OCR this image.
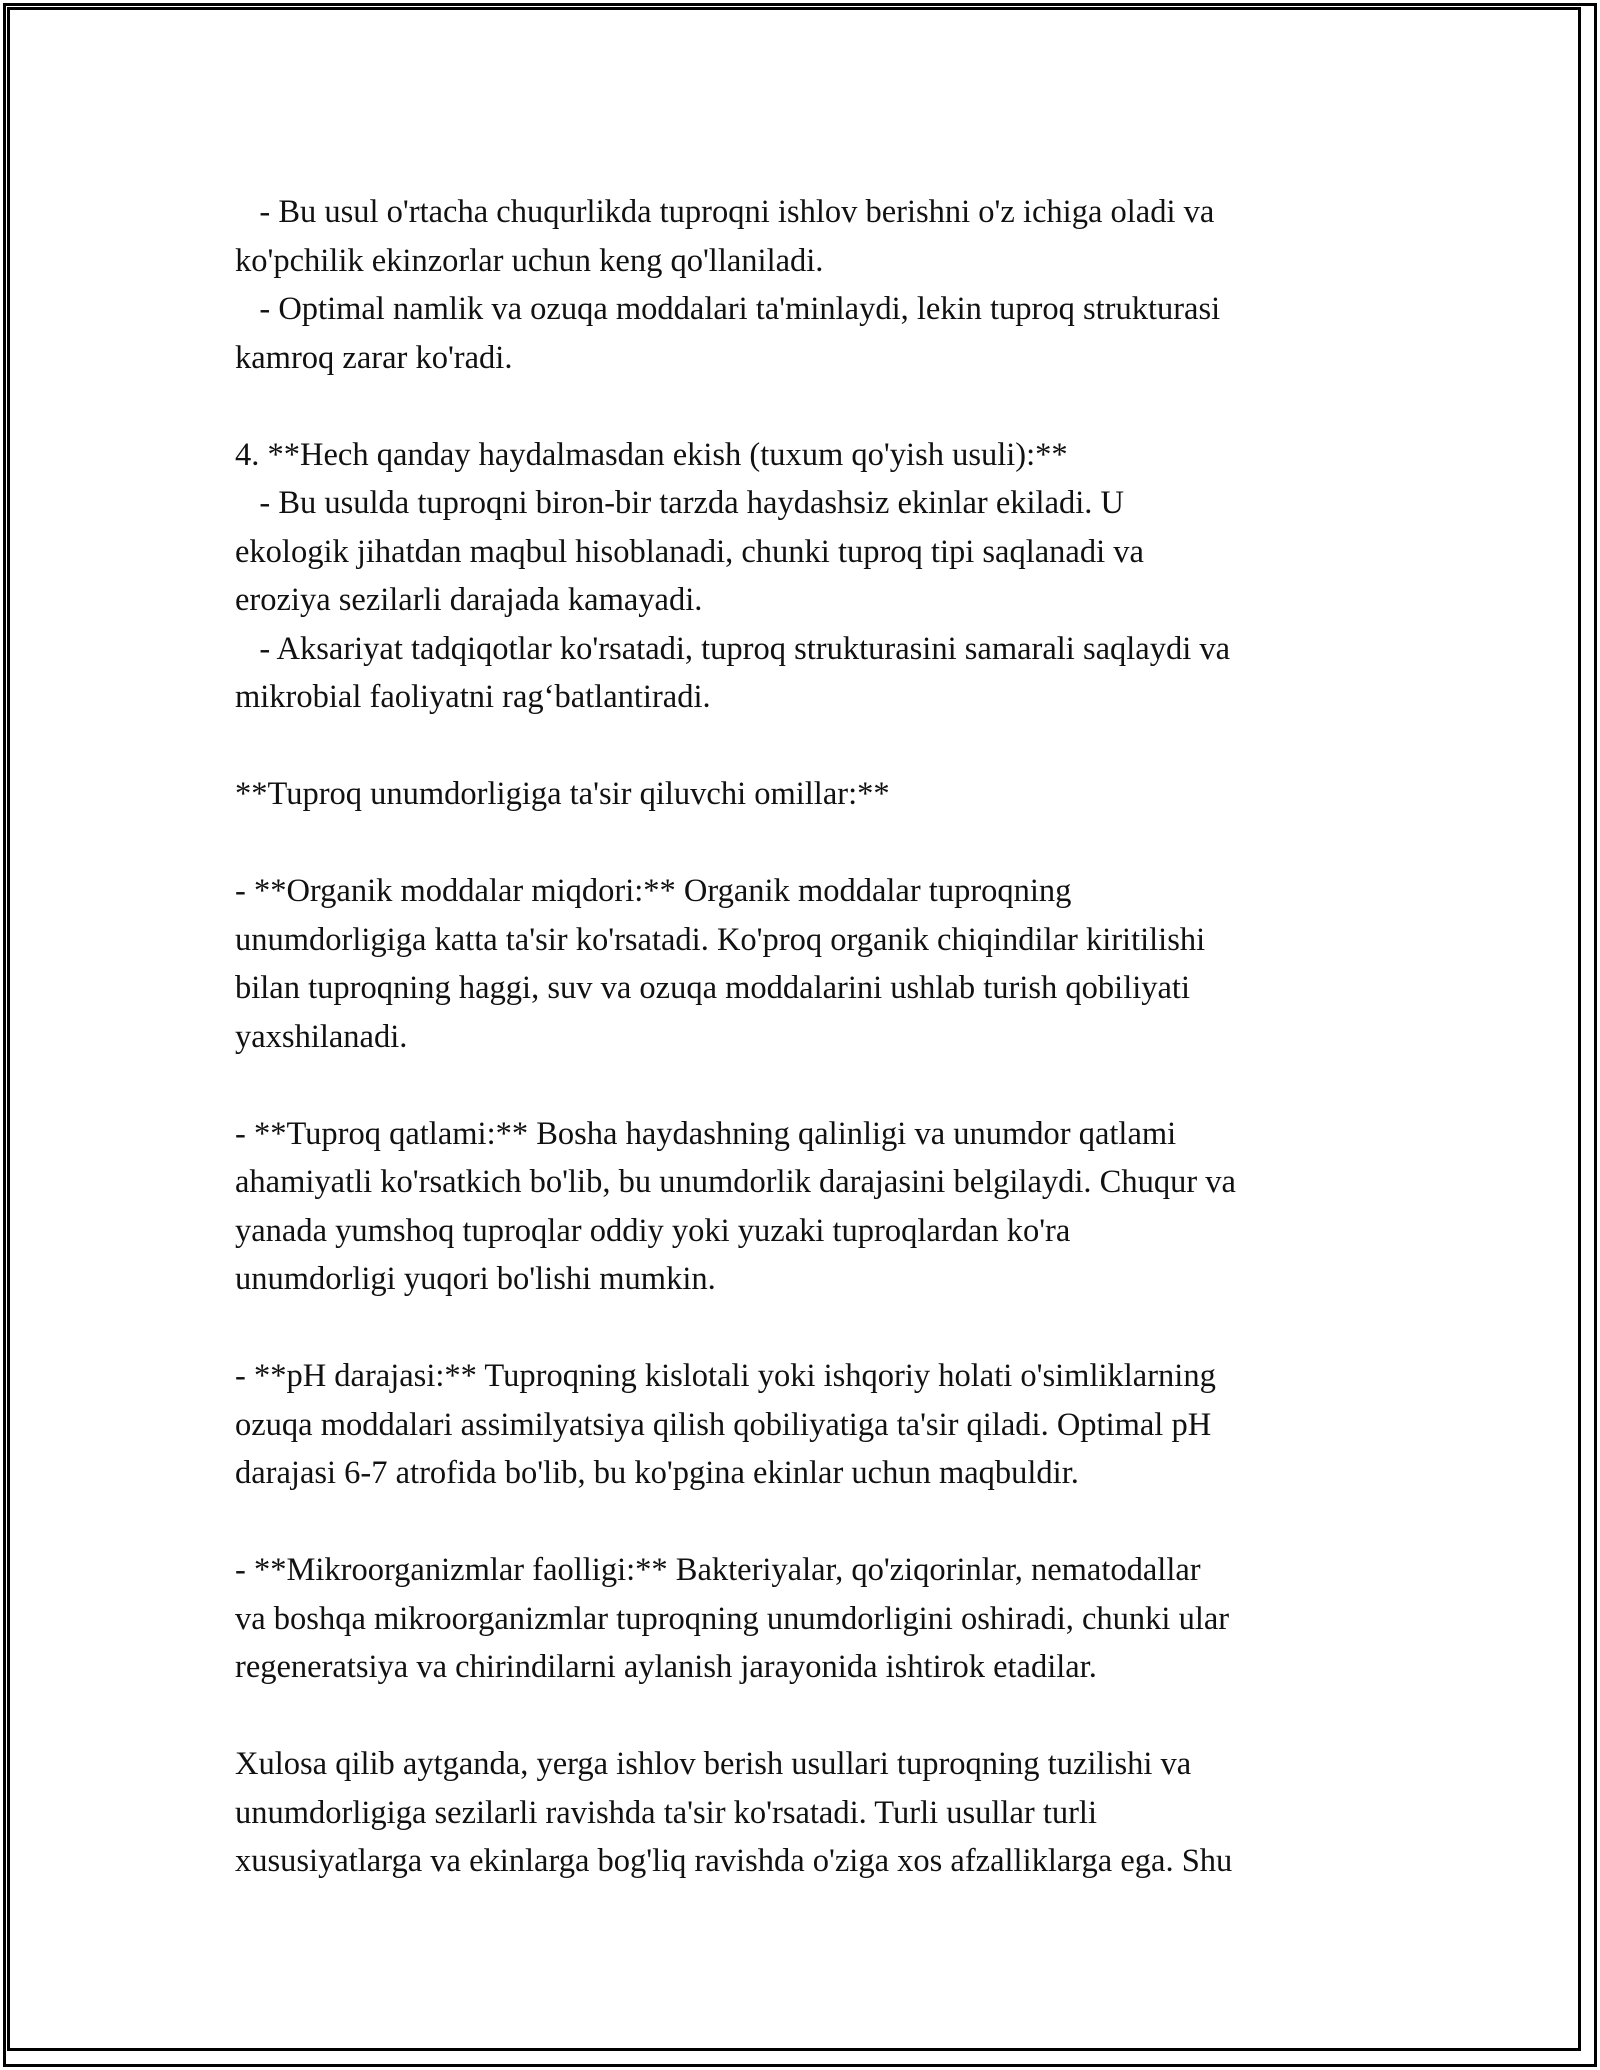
- Bu usul o'rtacha chuqurlikda tuproqni ishlov berishni o'z ichiga oladi va
ko'pchilik ekinzorlar uchun keng qo'llaniladi.
- Optimal namlik va ozuqa moddalari ta'minlaydi, lekin tuproq strukturasi
kamroq zarar ko'radi.
4. **Hech qanday haydalmasdan ekish (tuxum qo'yish usuli):**
- Bu usulda tuproqni biron-bir tarzda haydashsiz ekinlar ekiladi. U
ekologik jihatdan maqbul hisoblanadi, chunki tuproq tipi saqlanadi va
eroziya sezilarli darajada kamayadi.
- Aksariyat tadqiqotlar ko'rsatadi, tuproq strukturasini samarali saqlaydi va
mikrobial faoliyatni rag‘batlantiradi.
**Tuproq unumdorligiga ta'sir qiluvchi omillar:**
- **Organik moddalar miqdori:** Organik moddalar tuproqning
unumdorligiga katta ta'sir ko'rsatadi. Ko'proq organik chiqindilar kiritilishi
bilan tuproqning haggi, suv va ozuqa moddalarini ushlab turish qobiliyati
yaxshilanadi.
- **Tuproq qatlami:** Bosha haydashning qalinligi va unumdor qatlami
ahamiyatli ko'rsatkich bo'lib, bu unumdorlik darajasini belgilaydi. Chuqur va
yanada yumshoq tuproqlar oddiy yoki yuzaki tuproqlardan ko'ra
unumdorligi yuqori bo'lishi mumkin.
- **pH darajasi:** Tuproqning kislotali yoki ishqoriy holati o'simliklarning
ozuqa moddalari assimilyatsiya qilish qobiliyatiga ta'sir qiladi. Optimal pH
darajasi 6-7 atrofida bo'lib, bu ko'pgina ekinlar uchun maqbuldir.
- **Mikroorganizmlar faolligi:** Bakteriyalar, qo'ziqorinlar, nematodallar
va boshqa mikroorganizmlar tuproqning unumdorligini oshiradi, chunki ular
regeneratsiya va chirindilarni aylanish jarayonida ishtirok etadilar.
Xulosa qilib aytganda, yerga ishlov berish usullari tuproqning tuzilishi va
unumdorligiga sezilarli ravishda ta'sir ko'rsatadi. Turli usullar turli
xususiyatlarga va ekinlarga bog'liq ravishda o'ziga xos afzalliklarga ega. Shu
